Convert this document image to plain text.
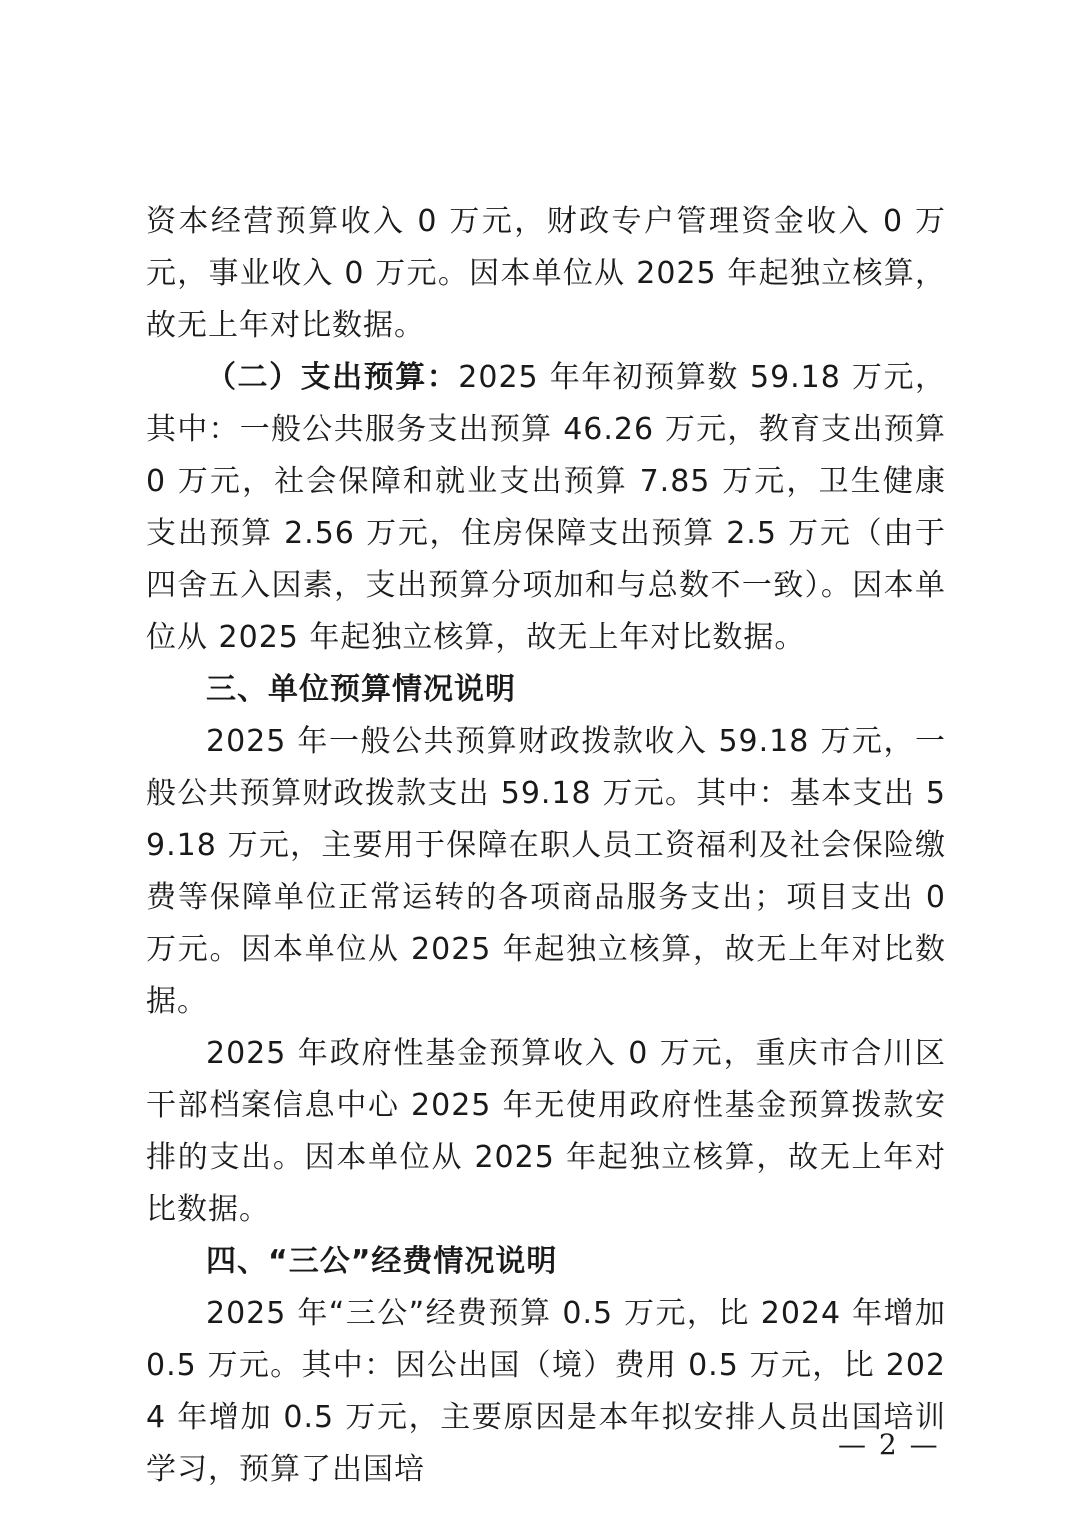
资本经营预算收入 0 万元，财政专户管理资金收入 0 万元，事业收入 0 万元。因本单位从 2025 年起独立核算，故无上年对比数据。

（二）支出预算：2025 年年初预算数 59.18 万元，其中：一般公共服务支出预算 46.26 万元，教育支出预算 0 万元，社会保障和就业支出预算 7.85 万元，卫生健康支出预算 2.56 万元，住房保障支出预算 2.5 万元（由于四舍五入因素，支出预算分项加和与总数不一致）。因本单位从 2025 年起独立核算，故无上年对比数据。

三、单位预算情况说明

2025 年一般公共预算财政拨款收入 59.18 万元，一般公共预算财政拨款支出 59.18 万元。其中：基本支出 59.18 万元，主要用于保障在职人员工资福利及社会保险缴费等保障单位正常运转的各项商品服务支出；项目支出 0 万元。因本单位从 2025 年起独立核算，故无上年对比数据。

2025 年政府性基金预算收入 0 万元，重庆市合川区干部档案信息中心 2025 年无使用政府性基金预算拨款安排的支出。因本单位从 2025 年起独立核算，故无上年对比数据。

四、“三公”经费情况说明

2025 年“三公”经费预算 0.5 万元，比 2024 年增加 0.5 万元。其中：因公出国（境）费用 0.5 万元，比 2024 年增加 0.5 万元，主要原因是本年拟安排人员出国培训学习，预算了出国培

— 2 —
